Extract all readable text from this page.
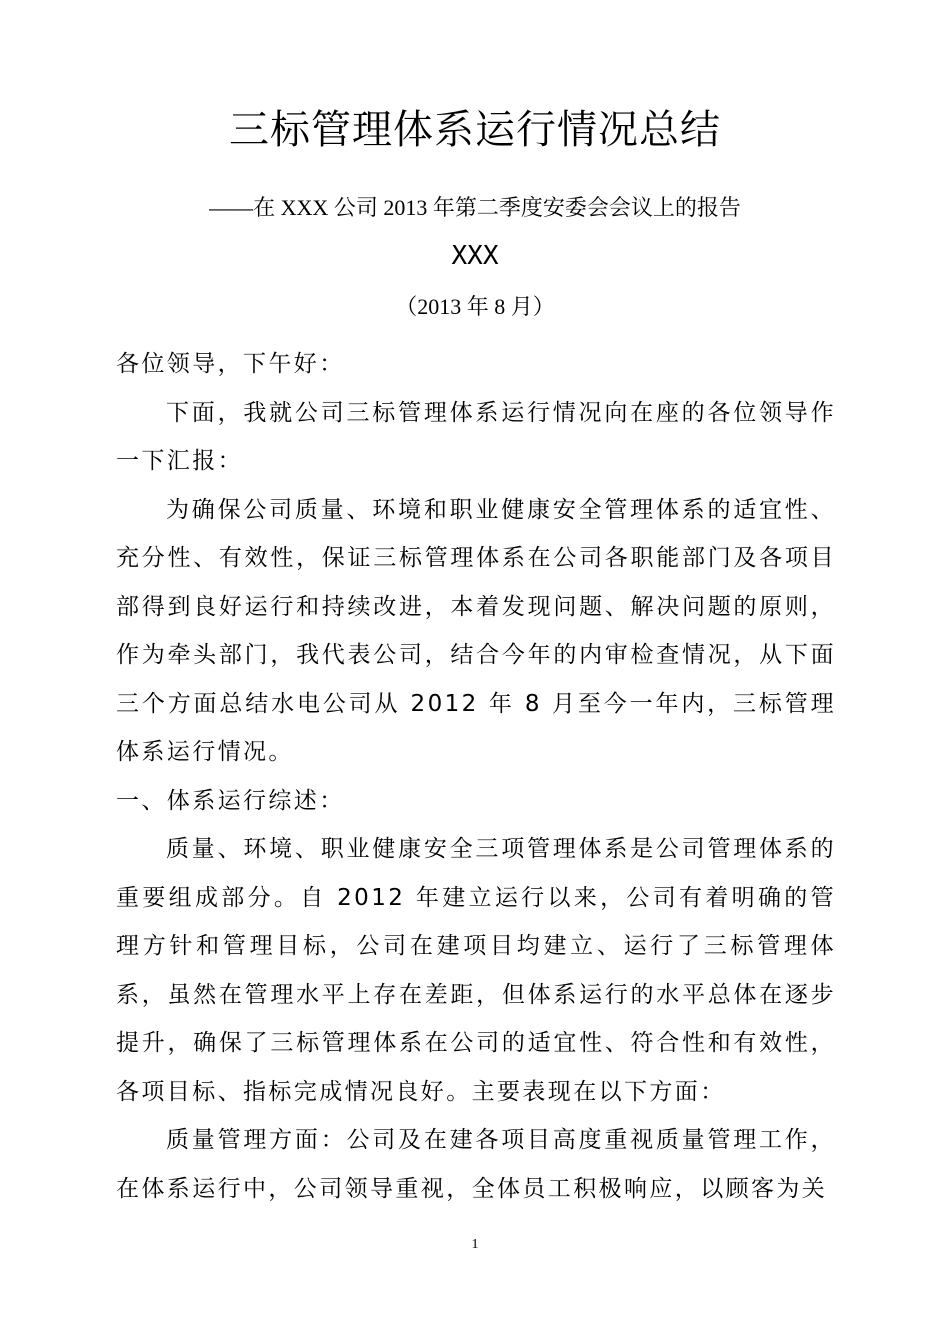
三标管理体系运行情况总结
——在 XXX 公司 2013 年第二季度安委会会议上的报告
XXX
（2013 年 8 月）

各位领导，下午好：

下面，我就公司三标管理体系运行情况向在座的各位领导作一下汇报：

为确保公司质量、环境和职业健康安全管理体系的适宜性、充分性、有效性，保证三标管理体系在公司各职能部门及各项目部得到良好运行和持续改进，本着发现问题、解决问题的原则，作为牵头部门，我代表公司，结合今年的内审检查情况，从下面三个方面总结水电公司从 2012 年 8 月至今一年内，三标管理体系运行情况。

一、体系运行综述：

质量、环境、职业健康安全三项管理体系是公司管理体系的重要组成部分。自 2012 年建立运行以来，公司有着明确的管理方针和管理目标，公司在建项目均建立、运行了三标管理体系，虽然在管理水平上存在差距，但体系运行的水平总体在逐步提升，确保了三标管理体系在公司的适宜性、符合性和有效性，各项目标、指标完成情况良好。主要表现在以下方面：

质量管理方面：公司及在建各项目高度重视质量管理工作，在体系运行中，公司领导重视，全体员工积极响应，以顾客为关

1
